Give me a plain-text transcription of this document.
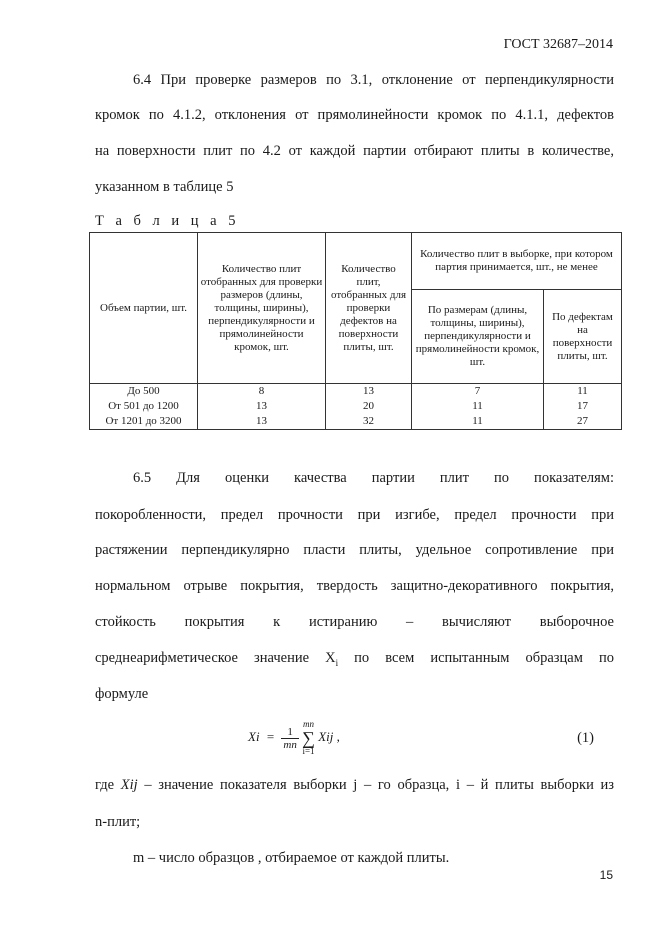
ГОСТ 32687–2014
6.4 При проверке размеров по 3.1, отклонение от перпендикулярности
кромок по 4.1.2, отклонения от прямолинейности кромок по 4.1.1, дефектов
на поверхности плит по 4.2 от каждой партии отбирают плиты в количестве,
указанном в таблице 5
Т а б л и ц а 5
Объем партии, шт.	Количество плит отобранных для проверки размеров (длины, толщины, ширины), перпендикулярности и прямолинейности кромок, шт.	Количество плит, отобранных для проверки дефектов на поверхности плиты, шт.	Количество плит в выборке, при котором партия принимается, шт., не менее	
			По размерам (длины, толщины, ширины), перпендикулярности и прямолинейности кромок, шт.	По дефектам на поверхности плиты, шт.
До 500	8	13	7	11
От 501 до 1200	13	20	11	17
От 1201 до 3200	13	32	11	27
6.5 Для оценки качества партии плит по показателям:
покоробленности, предел прочности при изгибе, предел прочности при
растяжении перпендикулярно пласти плиты, удельное сопротивление при
нормальном отрыве покрытия, твердость защитно-декоративного покрытия,
стойкость покрытия к истиранию – вычисляют выборочное
среднеарифметическое значение $X_i$ по всем испытанным образцам по
формуле
$Xi = \frac{1}{mn}$
mn
∑
i=1 Xij ,	(1)
где Xij – значение показателя выборки j – го образца, i – й плиты выборки из
n-плит;
m – число образцов , отбираемое от каждой плиты.
15
